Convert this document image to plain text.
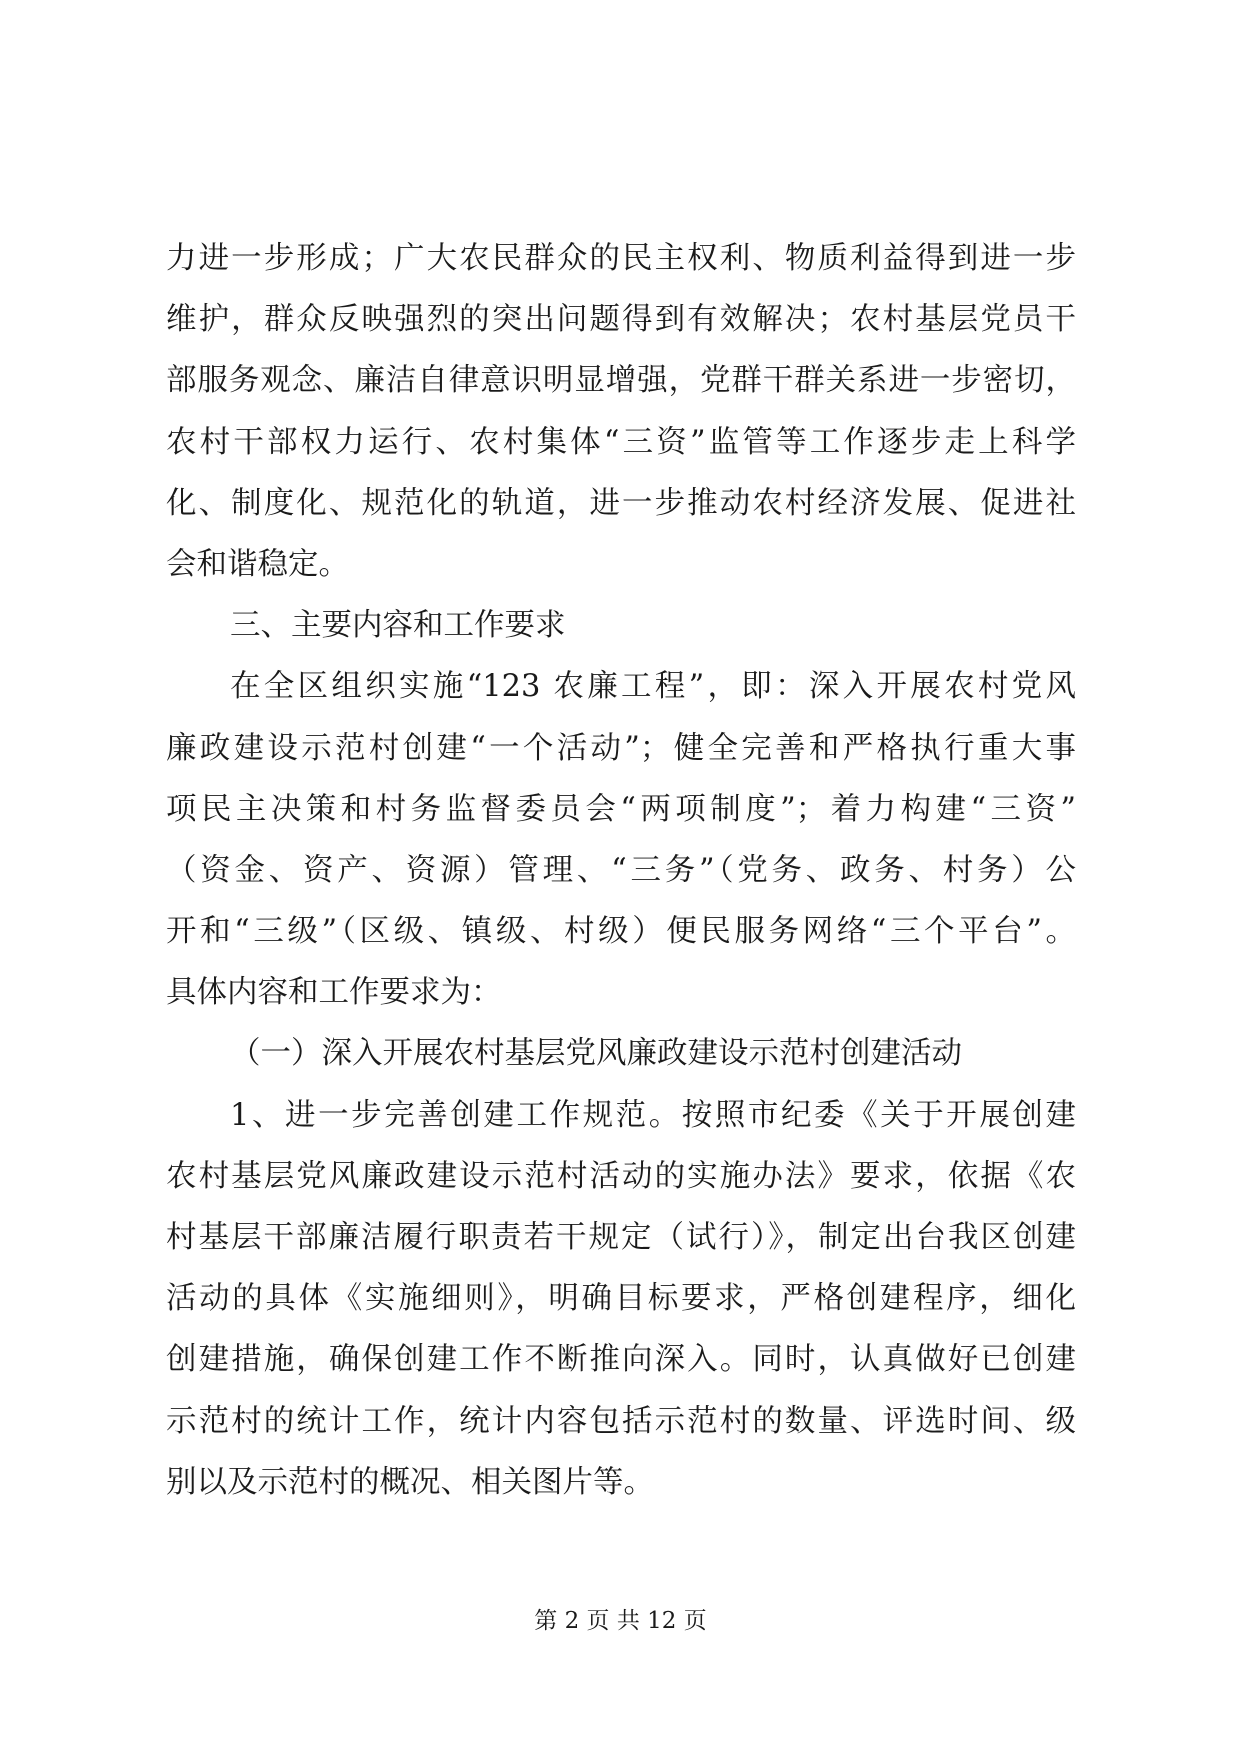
力进一步形成；广大农民群众的民主权利、物质利益得到进一步
维护，群众反映强烈的突出问题得到有效解决；农村基层党员干
部服务观念、廉洁自律意识明显增强，党群干群关系进一步密切，
农村干部权力运行、农村集体“三资”监管等工作逐步走上科学
化、制度化、规范化的轨道，进一步推动农村经济发展、促进社
会和谐稳定。
三、主要内容和工作要求
在全区组织实施“123 农廉工程”，即：深入开展农村党风
廉政建设示范村创建“一个活动”；健全完善和严格执行重大事
项民主决策和村务监督委员会“两项制度”；着力构建“三资”
（资金、资产、资源）管理、“三务”（党务、政务、村务）公
开和“三级”（区级、镇级、村级）便民服务网络“三个平台”。
具体内容和工作要求为：
（一）深入开展农村基层党风廉政建设示范村创建活动
1、进一步完善创建工作规范。按照市纪委《关于开展创建
农村基层党风廉政建设示范村活动的实施办法》要求，依据《农
村基层干部廉洁履行职责若干规定（试行）》，制定出台我区创建
活动的具体《实施细则》，明确目标要求，严格创建程序，细化
创建措施，确保创建工作不断推向深入。同时，认真做好已创建
示范村的统计工作，统计内容包括示范村的数量、评选时间、级
别以及示范村的概况、相关图片等。
第 2 页 共 12 页
